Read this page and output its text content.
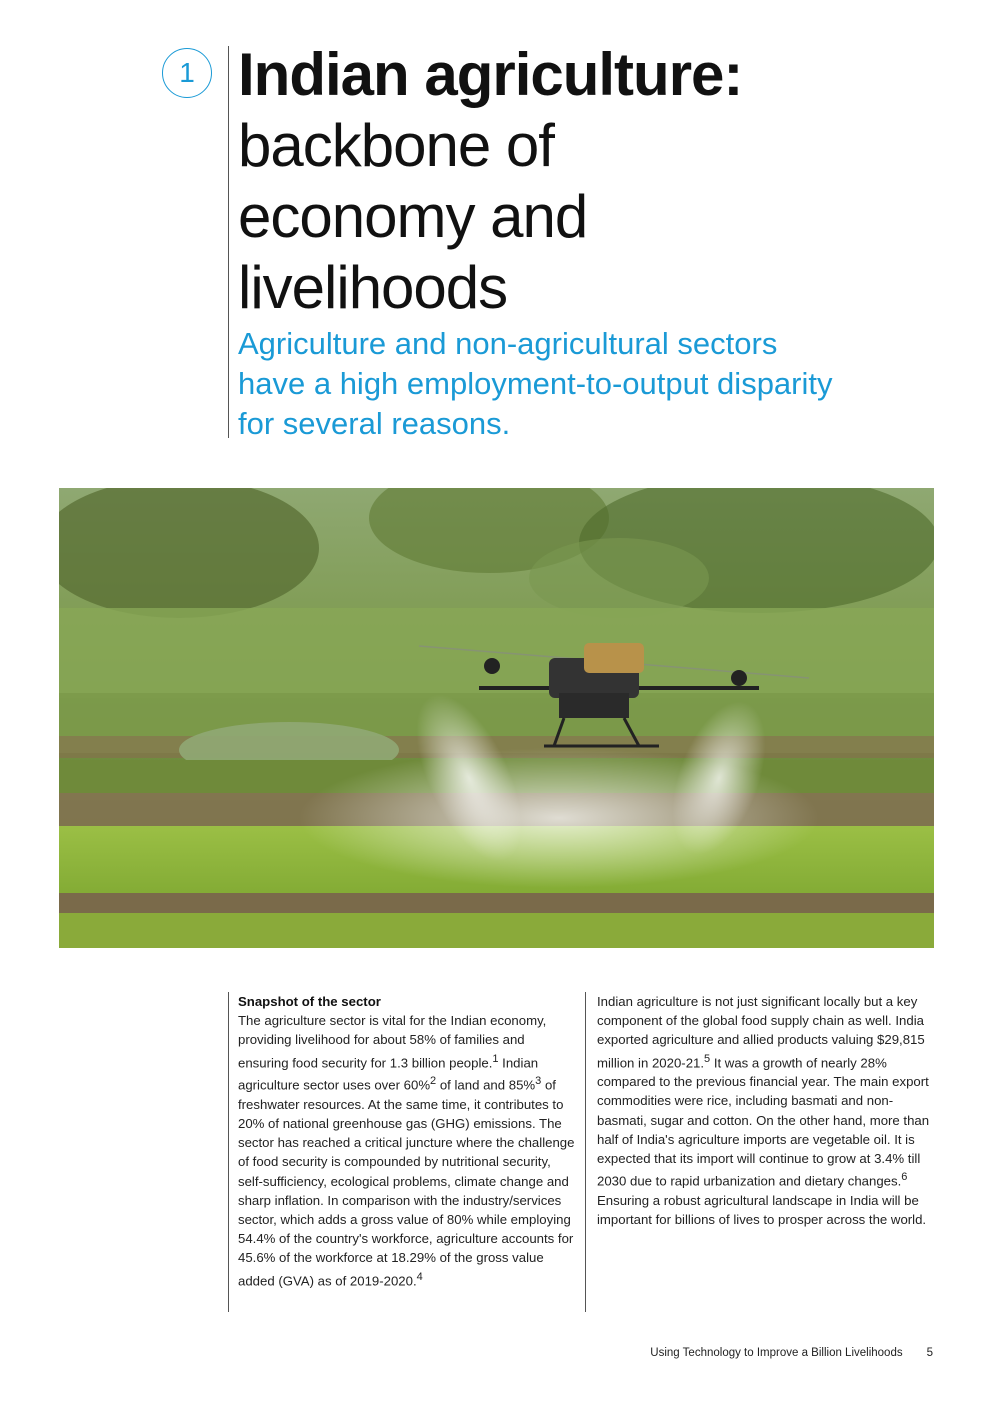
1 Indian agriculture:
backbone of
economy and
livelihoods
Agriculture and non-agricultural sectors have a high employment-to-output disparity for several reasons.
Snapshot of the sector
The agriculture sector is vital for the Indian economy, providing livelihood for about 58% of families and ensuring food security for 1.3 billion people.$^1$ Indian agriculture sector uses over 60%$^2$ of land and 85%$^3$ of freshwater resources. At the same time, it contributes to 20% of national greenhouse gas (GHG) emissions. The sector has reached a critical juncture where the challenge of food security is compounded by nutritional security, self-sufficiency, ecological problems, climate change and sharp inflation. In comparison with the industry/services sector, which adds a gross value of 80% while employing 54.4% of the country's workforce, agriculture accounts for 45.6% of the workforce at 18.29% of the gross value added (GVA) as of 2019-2020.$^4$
Indian agriculture is not just significant locally but a key component of the global food supply chain as well. India exported agriculture and allied products valuing $29,815 million in 2020-21.$^5$ It was a growth of nearly 28% compared to the previous financial year. The main export commodities were rice, including basmati and non-basmati, sugar and cotton. On the other hand, more than half of India's agriculture imports are vegetable oil. It is expected that its import will continue to grow at 3.4% till 2030 due to rapid urbanization and dietary changes.$^6$ Ensuring a robust agricultural landscape in India will be important for billions of lives to prosper across the world.
Using Technology to Improve a Billion Livelihoods 5
